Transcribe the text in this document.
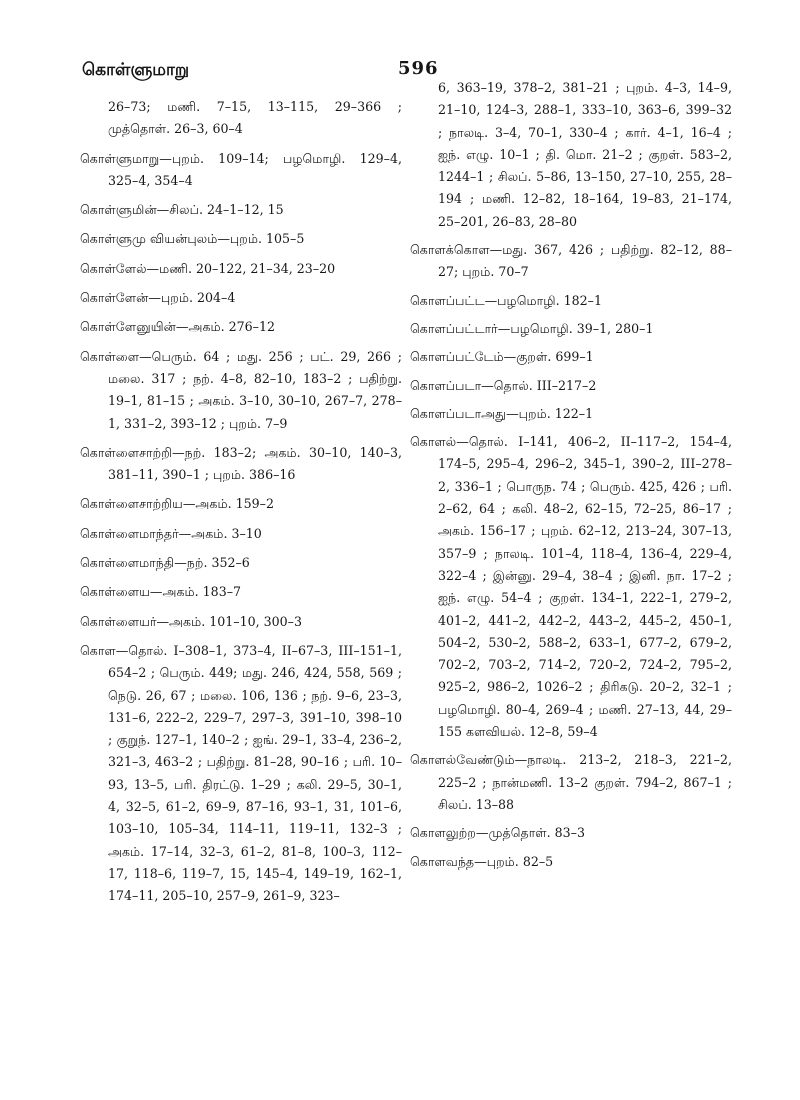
கொள்ளுமாறு	596

26–73; மணி. 7–15, 13–115, 29–366 ; முத்தொள். 26–3, 60–4

கொள்ளுமாறு—புறம். 109–14; பழமொழி. 129–4, 325–4, 354–4

கொள்ளுமின்—சிலப். 24–1–12, 15

கொள்ளுமு வியன்புலம்—புறம். 105–5

கொள்ளேல்—மணி. 20–122, 21–34, 23–20

கொள்ளேன்—புறம். 204–4

கொள்ளேனுயின்—அகம். 276–12

கொள்ளை—பெரும். 64 ; மது. 256 ; பட். 29, 266 ; மலை. 317 ; நற். 4–8, 82–10, 183–2 ; பதிற்று. 19–1, 81–15 ; அகம். 3–10, 30–10, 267–7, 278–1, 331–2, 393–12 ; புறம். 7–9

கொள்ளைசாற்றி—நற். 183–2; அகம். 30–10, 140–3, 381–11, 390–1 ; புறம். 386–16

கொள்ளைசாற்றிய—அகம். 159–2

கொள்ளைமாந்தர்—அகம். 3–10

கொள்ளைமாந்தி—நற். 352–6

கொள்ளைய—அகம். 183–7

கொள்ளையர்—அகம். 101–10, 300–3

கொள—தொல். I–308–1, 373–4, II–67–3, III–151–1, 654–2 ; பெரும். 449; மது. 246, 424, 558, 569 ; நெடு. 26, 67 ; மலை. 106, 136 ; நற். 9–6, 23–3, 131–6, 222–2, 229–7, 297–3, 391–10, 398–10 ; குறுந். 127–1, 140–2 ; ஐங். 29–1, 33–4, 236–2, 321–3, 463–2 ; பதிற்று. 81–28, 90–16 ; பரி. 10–93, 13–5, பரி. திரட்டு. 1–29 ; கலி. 29–5, 30–1, 4, 32–5, 61–2, 69–9, 87–16, 93–1, 31, 101–6, 103–10, 105–34, 114–11, 119–11, 132–3 ; அகம். 17–14, 32–3, 61–2, 81–8, 100–3, 112–17, 118–6, 119–7, 15, 145–4, 149–19, 162–1, 174–11, 205–10, 257–9, 261–9, 323–

6, 363–19, 378–2, 381–21 ; புறம். 4–3, 14–9, 21–10, 124–3, 288–1, 333–10, 363–6, 399–32 ; நாலடி. 3–4, 70–1, 330–4 ; கார். 4–1, 16–4 ; ஐந். எழு. 10–1 ; தி. மொ. 21–2 ; குறள். 583–2, 1244–1 ; சிலப். 5–86, 13–150, 27–10, 255, 28–194 ; மணி. 12–82, 18–164, 19–83, 21–174, 25–201, 26–83, 28–80

கொளக்கொள—மது. 367, 426 ; பதிற்று. 82–12, 88–27; புறம். 70–7

கொளப்பட்ட—பழமொழி. 182–1

கொளப்பட்டார்—பழமொழி. 39–1, 280–1

கொளப்பட்டேம்—குறள். 699–1

கொளப்படா—தொல். III–217–2

கொளப்படாஅது—புறம். 122–1

கொளல்—தொல். I–141, 406–2, II–117–2, 154–4, 174–5, 295–4, 296–2, 345–1, 390–2, III–278–2, 336–1 ; பொருந. 74 ; பெரும். 425, 426 ; பரி. 2–62, 64 ; கலி. 48–2, 62–15, 72–25, 86–17 ; அகம். 156–17 ; புறம். 62–12, 213–24, 307–13, 357–9 ; நாலடி. 101–4, 118–4, 136–4, 229–4, 322–4 ; இன்னு. 29–4, 38–4 ; இனி. நா. 17–2 ; ஐந். எழு. 54–4 ; குறள். 134–1, 222–1, 279–2, 401–2, 441–2, 442–2, 443–2, 445–2, 450–1, 504–2, 530–2, 588–2, 633–1, 677–2, 679–2, 702–2, 703–2, 714–2, 720–2, 724–2, 795–2, 925–2, 986–2, 1026–2 ; திரிகடு. 20–2, 32–1 ; பழமொழி. 80–4, 269–4 ; மணி. 27–13, 44, 29–155 களவியல். 12–8, 59–4

கொளல்வேண்டும்—நாலடி. 213–2, 218–3, 221–2, 225–2 ; நான்மணி. 13–2 குறள். 794–2, 867–1 ; சிலப். 13–88

கொளலுற்ற—முத்தொள். 83–3

கொளவந்த—புறம். 82–5
